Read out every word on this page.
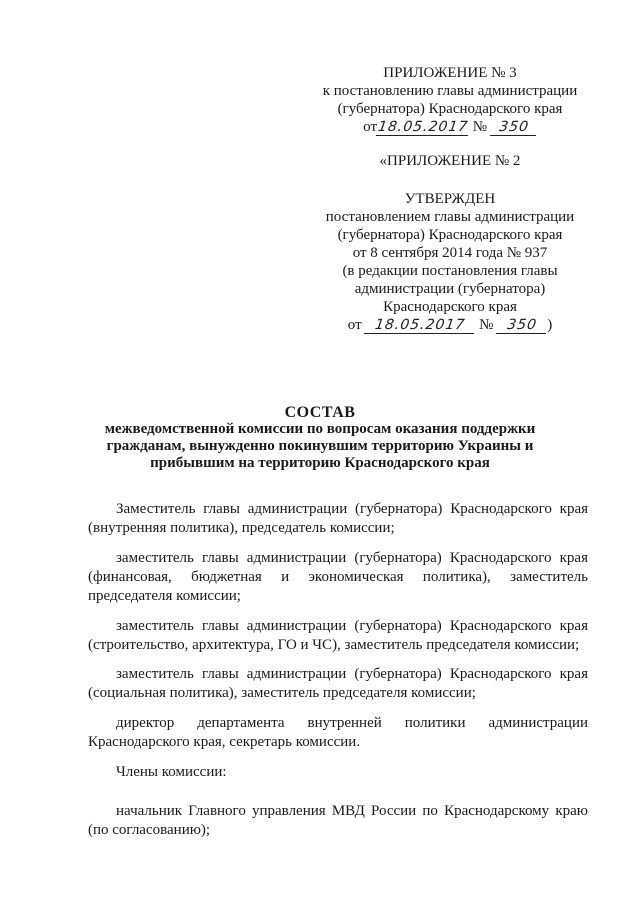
ПРИЛОЖЕНИЕ № 3
к постановлению главы администрации
(губернатора) Краснодарского края
от18.05.2017 № 350
«ПРИЛОЖЕНИЕ № 2
УТВЕРЖДЕН
постановлением главы администрации
(губернатора) Краснодарского края
от 8 сентября 2014 года № 937
(в редакции постановления главы
администрации (губернатора)
Краснодарского края
от 18.05.2017 № 350 )
СОСТАВ
межведомственной комиссии по вопросам оказания поддержки
гражданам, вынужденно покинувшим территорию Украины и
прибывшим на территорию Краснодарского края
Заместитель главы администрации (губернатора) Краснодарского края (внутренняя политика), председатель комиссии;
заместитель главы администрации (губернатора) Краснодарского края (финансовая, бюджетная и экономическая политика), заместитель председателя комиссии;
заместитель главы администрации (губернатора) Краснодарского края (строительство, архитектура, ГО и ЧС), заместитель председателя комиссии;
заместитель главы администрации (губернатора) Краснодарского края (социальная политика), заместитель председателя комиссии;
директор департамента внутренней политики администрации Краснодарского края, секретарь комиссии.
Члены комиссии:
начальник Главного управления МВД России по Краснодарскому краю (по согласованию);
